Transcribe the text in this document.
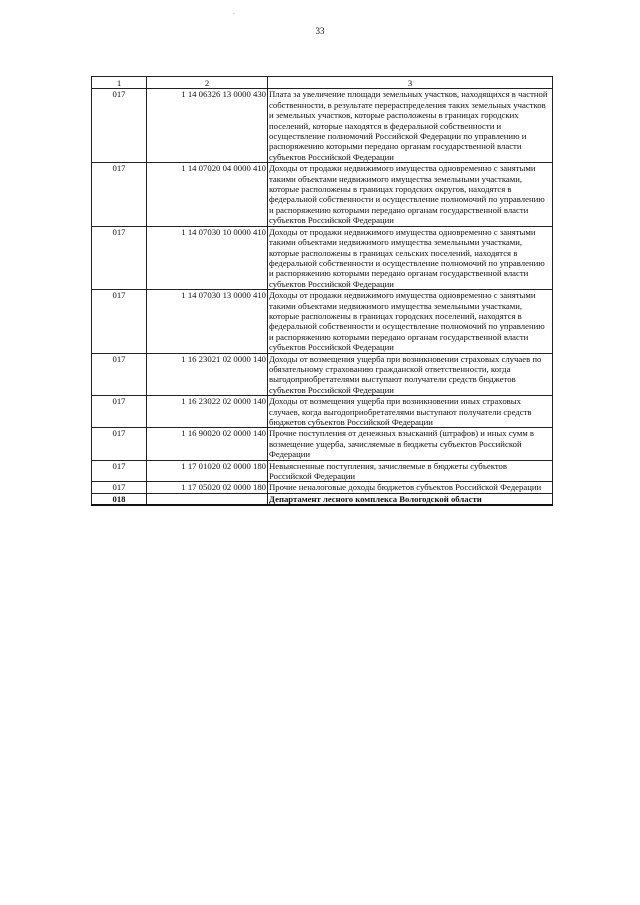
33
1	2	3
017	1 14 06326 13 0000 430	Плата за увеличение площади земельных участков, находящихся в частной собственности, в результате перераспределения таких земельных участков и земельных участков, которые расположены в границах городских поселений, которые находятся в федеральной собственности и осуществление полномочий Российской Федерации по управлению и распоряжению которыми передано органам государственной власти субъектов Российской Федерации
017	1 14 07020 04 0000 410	Доходы от продажи недвижимого имущества одновременно с занятыми такими объектами недвижимого имущества земельными участками, которые расположены в границах городских округов, находятся в федеральной собственности и осуществление полномочий по управлению и распоряжению которыми передано органам государственной власти субъектов Российской Федерации
017	1 14 07030 10 0000 410	Доходы от продажи недвижимого имущества одновременно с занятыми такими объектами недвижимого имущества земельными участками, которые расположены в границах сельских поселений, находятся в федеральной собственности и осуществление полномочий по управлению и распоряжению которыми передано органам государственной власти субъектов Российской Федерации
017	1 14 07030 13 0000 410	Доходы от продажи недвижимого имущества одновременно с занятыми такими объектами недвижимого имущества земельными участками, которые расположены в границах городских поселений, находятся в федеральной собственности и осуществление полномочий по управлению и распоряжению которыми передано органам государственной власти субъектов Российской Федерации
017	1 16 23021 02 0000 140	Доходы от возмещения ущерба при возникновении страховых случаев по обязательному страхованию гражданской ответственности, когда выгодоприобретателями выступают получатели средств бюджетов субъектов Российской Федерации
017	1 16 23022 02 0000 140	Доходы от возмещения ущерба при возникновении иных страховых случаев, когда выгодоприобретателями выступают получатели средств бюджетов субъектов Российской Федерации
017	1 16 90020 02 0000 140	Прочие поступления от денежных взысканий (штрафов) и иных сумм в возмещение ущерба, зачисляемые в бюджеты субъектов Российской Федерации
017	1 17 01020 02 0000 180	Невыясненные поступления, зачисляемые в бюджеты субъектов Российской Федерации
017	1 17 05020 02 0000 180	Прочие неналоговые доходы бюджетов субъектов Российской Федерации
018		Департамент лесного комплекса Вологодской области
.
